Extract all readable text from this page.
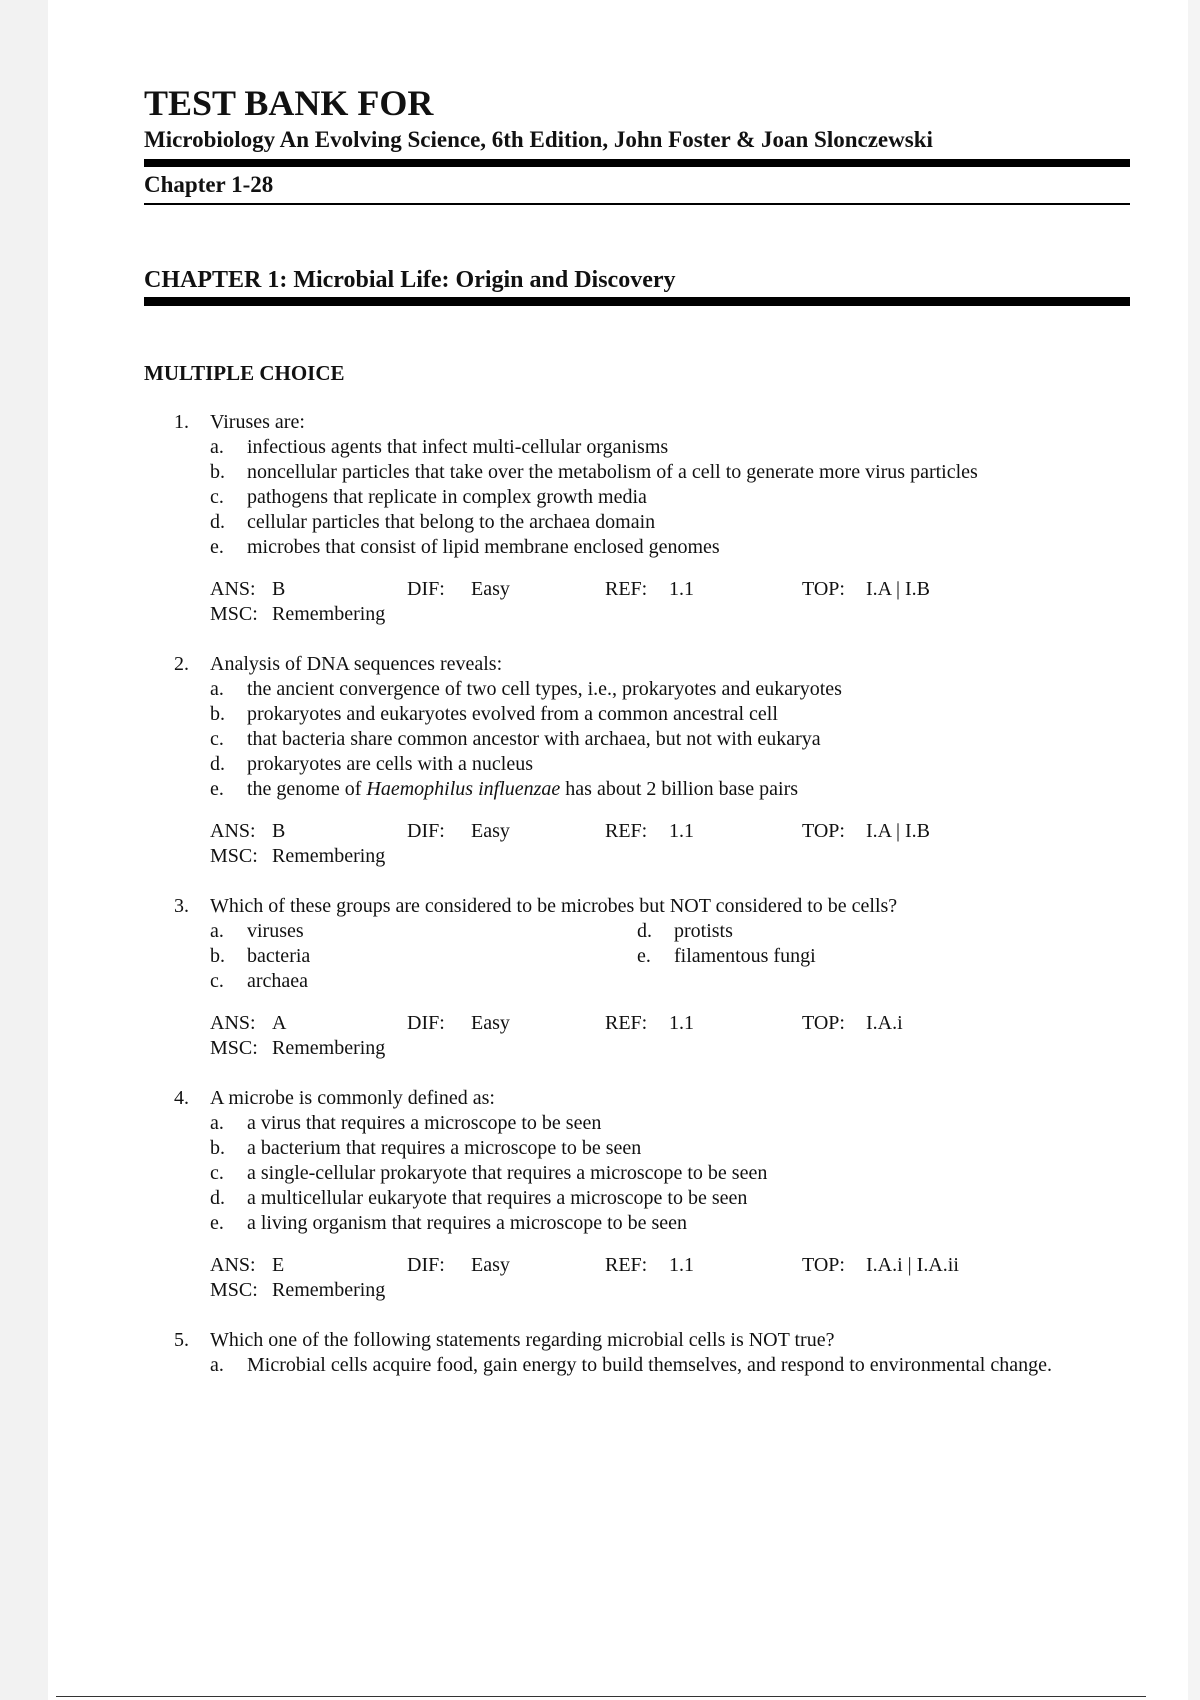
TEST BANK FOR
Microbiology An Evolving Science, 6th Edition, John Foster & Joan Slonczewski
Chapter 1-28
CHAPTER 1: Microbial Life: Origin and Discovery
MULTIPLE CHOICE
1. Viruses are:
a. infectious agents that infect multi-cellular organisms
b. noncellular particles that take over the metabolism of a cell to generate more virus particles
c. pathogens that replicate in complex growth media
d. cellular particles that belong to the archaea domain
e. microbes that consist of lipid membrane enclosed genomes
ANS: B	DIF: Easy	REF: 1.1	TOP: I.A | I.B
MSC: Remembering
2. Analysis of DNA sequences reveals:
a. the ancient convergence of two cell types, i.e., prokaryotes and eukaryotes
b. prokaryotes and eukaryotes evolved from a common ancestral cell
c. that bacteria share common ancestor with archaea, but not with eukarya
d. prokaryotes are cells with a nucleus
e. the genome of Haemophilus influenzae has about 2 billion base pairs
ANS: B	DIF: Easy	REF: 1.1	TOP: I.A | I.B
MSC: Remembering
3. Which of these groups are considered to be microbes but NOT considered to be cells?
a. viruses
b. bacteria
c. archaea
d. protists
e. filamentous fungi
ANS: A	DIF: Easy	REF: 1.1	TOP: I.A.i
MSC: Remembering
4. A microbe is commonly defined as:
a. a virus that requires a microscope to be seen
b. a bacterium that requires a microscope to be seen
c. a single-cellular prokaryote that requires a microscope to be seen
d. a multicellular eukaryote that requires a microscope to be seen
e. a living organism that requires a microscope to be seen
ANS: E	DIF: Easy	REF: 1.1	TOP: I.A.i | I.A.ii
MSC: Remembering
5. Which one of the following statements regarding microbial cells is NOT true?
a. Microbial cells acquire food, gain energy to build themselves, and respond to environmental change.
